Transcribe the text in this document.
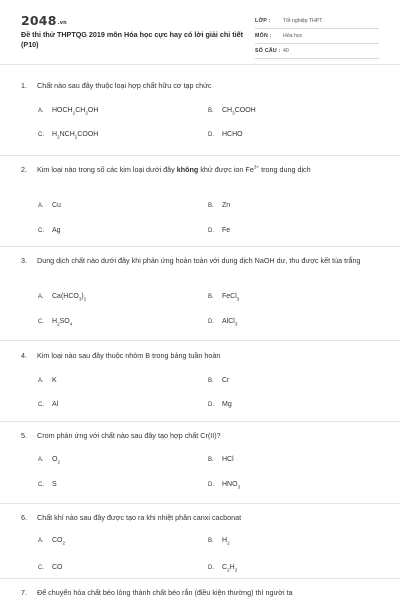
$2048^{.vn}$
Đề thi thử THPTQG 2019 môn Hóa học cực hay có lời giải chi tiết (P10)
LỚP :	Tốt nghiệp THPT
MÔN :	Hóa học
SỐ CÂU : 40
1.	Chất nào sau đây thuộc loại hợp chất hữu cơ tạp chức
A. $HOCH_2CH_2OH$	B. $CH_3COOH$
C. $H_2NCH_2COOH$	D. HCHO
2.	Kim loại nào trong số các kim loại dưới đây không khử được ion $Fe^{3+}$ trong dung dịch
A. Cu	B. Zn
C. Ag	D. Fe
3.	Dung dịch chất nào dưới đây khi phản ứng hoàn toàn với dung dịch NaOH dư, thu được kết tủa trắng
A. $Ca(HCO_3)_2$	B. FeCl$_3$
C. $H_2SO_4$	D. AlCl$_3$
4.	Kim loại nào sau đây thuộc nhóm B trong bảng tuần hoàn
A. K	B. Cr
C. Al	D. Mg
5.	Crom phản ứng với chất nào sau đây tạo hợp chất Cr(II)?
A. $O_2$	B. HCl
C. S	D. $HNO_3$
6.	Chất khí nào sau đây được tạo ra khi nhiệt phân canxi cacbonat
A. $CO_2$	B. $H_2$
C. CO	D. $C_2H_2$
7.	Để chuyển hóa chất béo lỏng thành chất béo rắn (điều kiện thường) thì người ta
